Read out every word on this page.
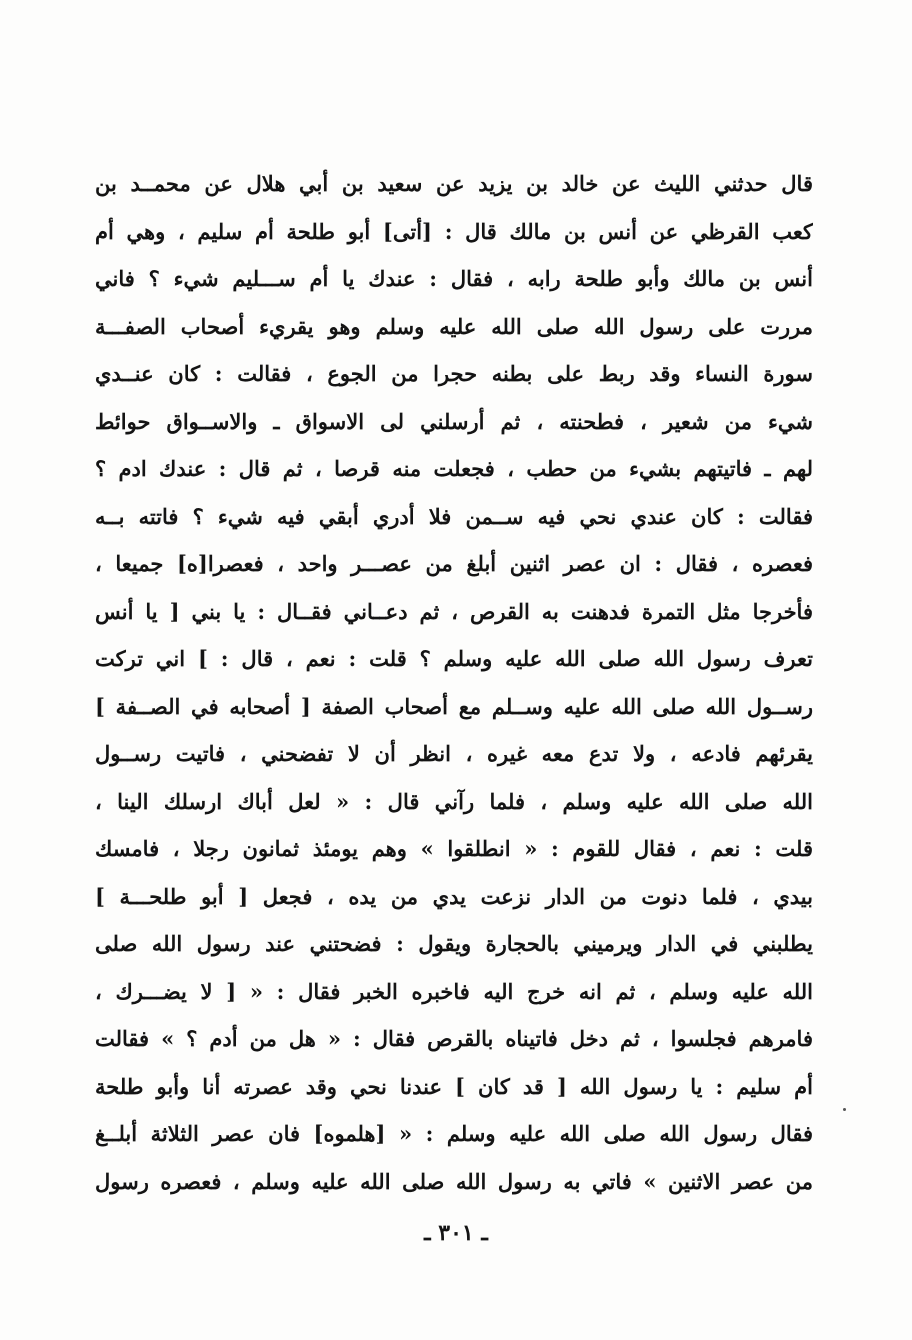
قال حدثني الليث عن خالد بن يزيد عن سعيد بن أبي هلال عن محمــد بن
كعب القرظي عن أنس بن مالك قال : [أتى] أبو طلحة أم سليم ، وهي أم
أنس بن مالك وأبو طلحة رابه ، فقال : عندك يا أم ســـليم شيء ؟ فاني
مررت على رسول الله صلى الله عليه وسلم وهو يقريء أصحاب الصفـــة
سورة النساء وقد ربط على بطنه حجرا من الجوع ، فقالت : كان عنــدي
شيء من شعير ، فطحنته ، ثم أرسلني لى الاسواق ـ والاســواق حوائط
لهم ـ فاتيتهم بشيء من حطب ، فجعلت منه قرصا ، ثم قال : عندك ادم ؟
فقالت : كان عندي نحي فيه ســمن فلا أدري أبقي فيه شيء ؟ فاتته بــه
فعصره ، فقال : ان عصر اثنين أبلغ من عصـــر واحد ، فعصرا[ه] جميعا ،
فأخرجا مثل التمرة فدهنت به القرص ، ثم دعــاني فقــال : يا بني [ يا أنس
تعرف رسول الله صلى الله عليه وسلم ؟ قلت : نعم ، قال : ] اني تركت
رســول الله صلى الله عليه وســلم مع أصحاب الصفة [ أصحابه في الصــفة ]
يقرئهم فادعه ، ولا تدع معه غيره ، انظر أن لا تفضحني ، فاتيت رســول
الله صلى الله عليه وسلم ، فلما رآني قال : « لعل أباك ارسلك الينا ،
قلت : نعم ، فقال للقوم : « انطلقوا » وهم يومئذ ثمانون رجلا ، فامسك
بيدي ، فلما دنوت من الدار نزعت يدي من يده ، فجعل [ أبو طلحـــة ]
يطلبني في الدار ويرميني بالحجارة ويقول : فضحتني عند رسول الله صلى
الله عليه وسلم ، ثم انه خرج اليه فاخبره الخبر فقال : « [ لا يضـــرك ،
فامرهم فجلسوا ، ثم دخل فاتيناه بالقرص فقال : « هل من أدم ؟ » فقالت
أم سليم : يا رسول الله [ قد كان ] عندنا نحي وقد عصرته أنا وأبو طلحة
فقال رسول الله صلى الله عليه وسلم : « [هلموه] فان عصر الثلاثة أبلــغ
من عصر الاثنين » فاتي به رسول الله صلى الله عليه وسلم ، فعصره رسول
ـ ٣٠١ ـ
